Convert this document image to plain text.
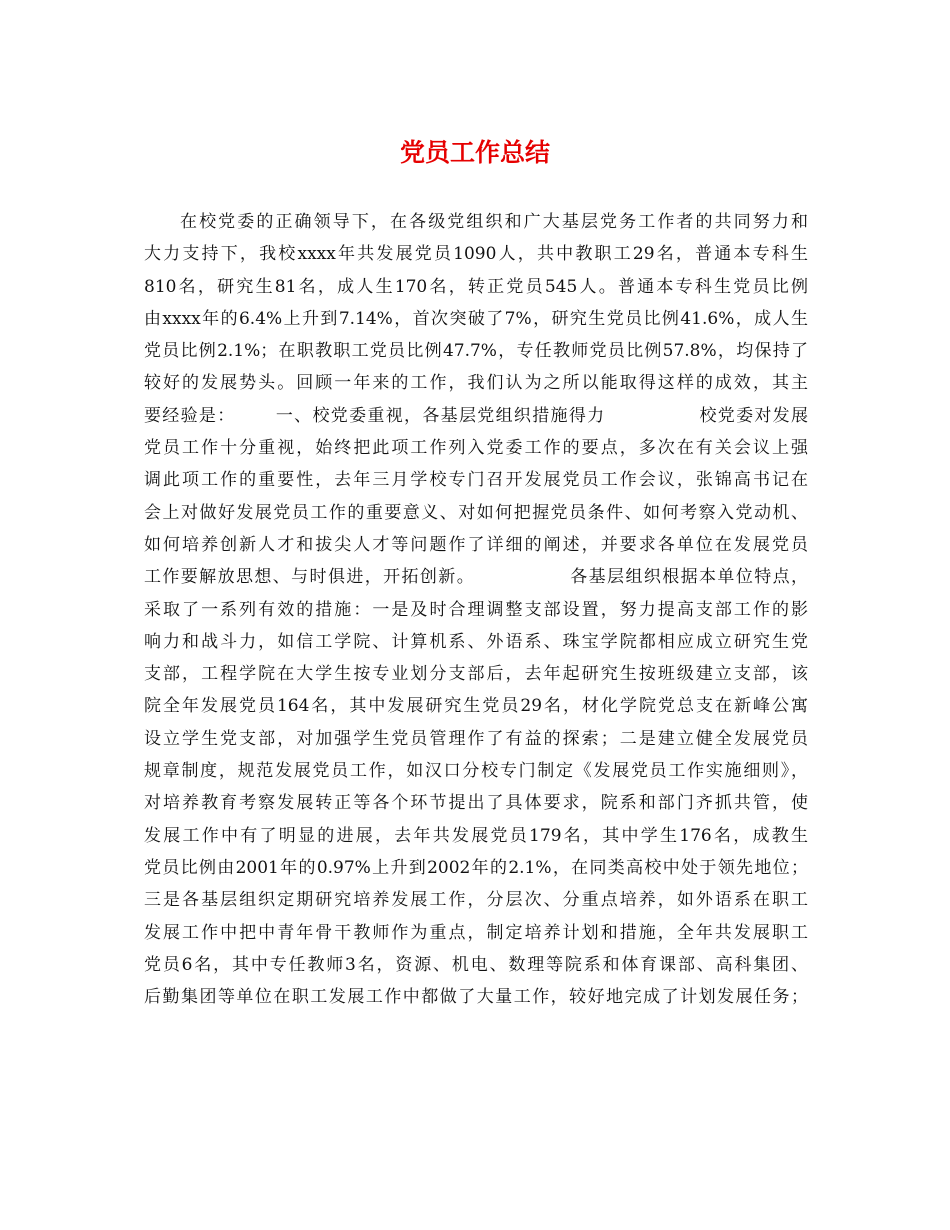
党员工作总结
在校党委的正确领导下，在各级党组织和广大基层党务工作者的共同努力和
大力支持下，我校xxxx年共发展党员1090人，共中教职工29名，普通本专科生
810名，研究生81名，成人生170名，转正党员545人。普通本专科生党员比例
由xxxx年的6.4%上升到7.14%，首次突破了7%，研究生党员比例41.6%，成人生
党员比例2.1%；在职教职工党员比例47.7%，专任教师党员比例57.8%，均保持了
较好的发展势头。回顾一年来的工作，我们认为之所以能取得这样的成效，其主
要经验是：      一、校党委重视，各基层党组织措施得力              校党委对发展
党员工作十分重视，始终把此项工作列入党委工作的要点，多次在有关会议上强
调此项工作的重要性，去年三月学校专门召开发展党员工作会议，张锦高书记在
会上对做好发展党员工作的重要意义、对如何把握党员条件、如何考察入党动机、
如何培养创新人才和拔尖人才等问题作了详细的阐述，并要求各单位在发展党员
工作要解放思想、与时俱进，开拓创新。              各基层组织根据本单位特点，
采取了一系列有效的措施：一是及时合理调整支部设置，努力提高支部工作的影
响力和战斗力，如信工学院、计算机系、外语系、珠宝学院都相应成立研究生党
支部，工程学院在大学生按专业划分支部后，去年起研究生按班级建立支部，该
院全年发展党员164名，其中发展研究生党员29名，材化学院党总支在新峰公寓
设立学生党支部，对加强学生党员管理作了有益的探索；二是建立健全发展党员
规章制度，规范发展党员工作，如汉口分校专门制定《发展党员工作实施细则》，
对培养教育考察发展转正等各个环节提出了具体要求，院系和部门齐抓共管，使
发展工作中有了明显的进展，去年共发展党员179名，其中学生176名，成教生
党员比例由2001年的0.97%上升到2002年的2.1%，在同类高校中处于领先地位；
三是各基层组织定期研究培养发展工作，分层次、分重点培养，如外语系在职工
发展工作中把中青年骨干教师作为重点，制定培养计划和措施，全年共发展职工
党员6名，其中专任教师3名，资源、机电、数理等院系和体育课部、高科集团、
后勤集团等单位在职工发展工作中都做了大量工作，较好地完成了计划发展任务；
